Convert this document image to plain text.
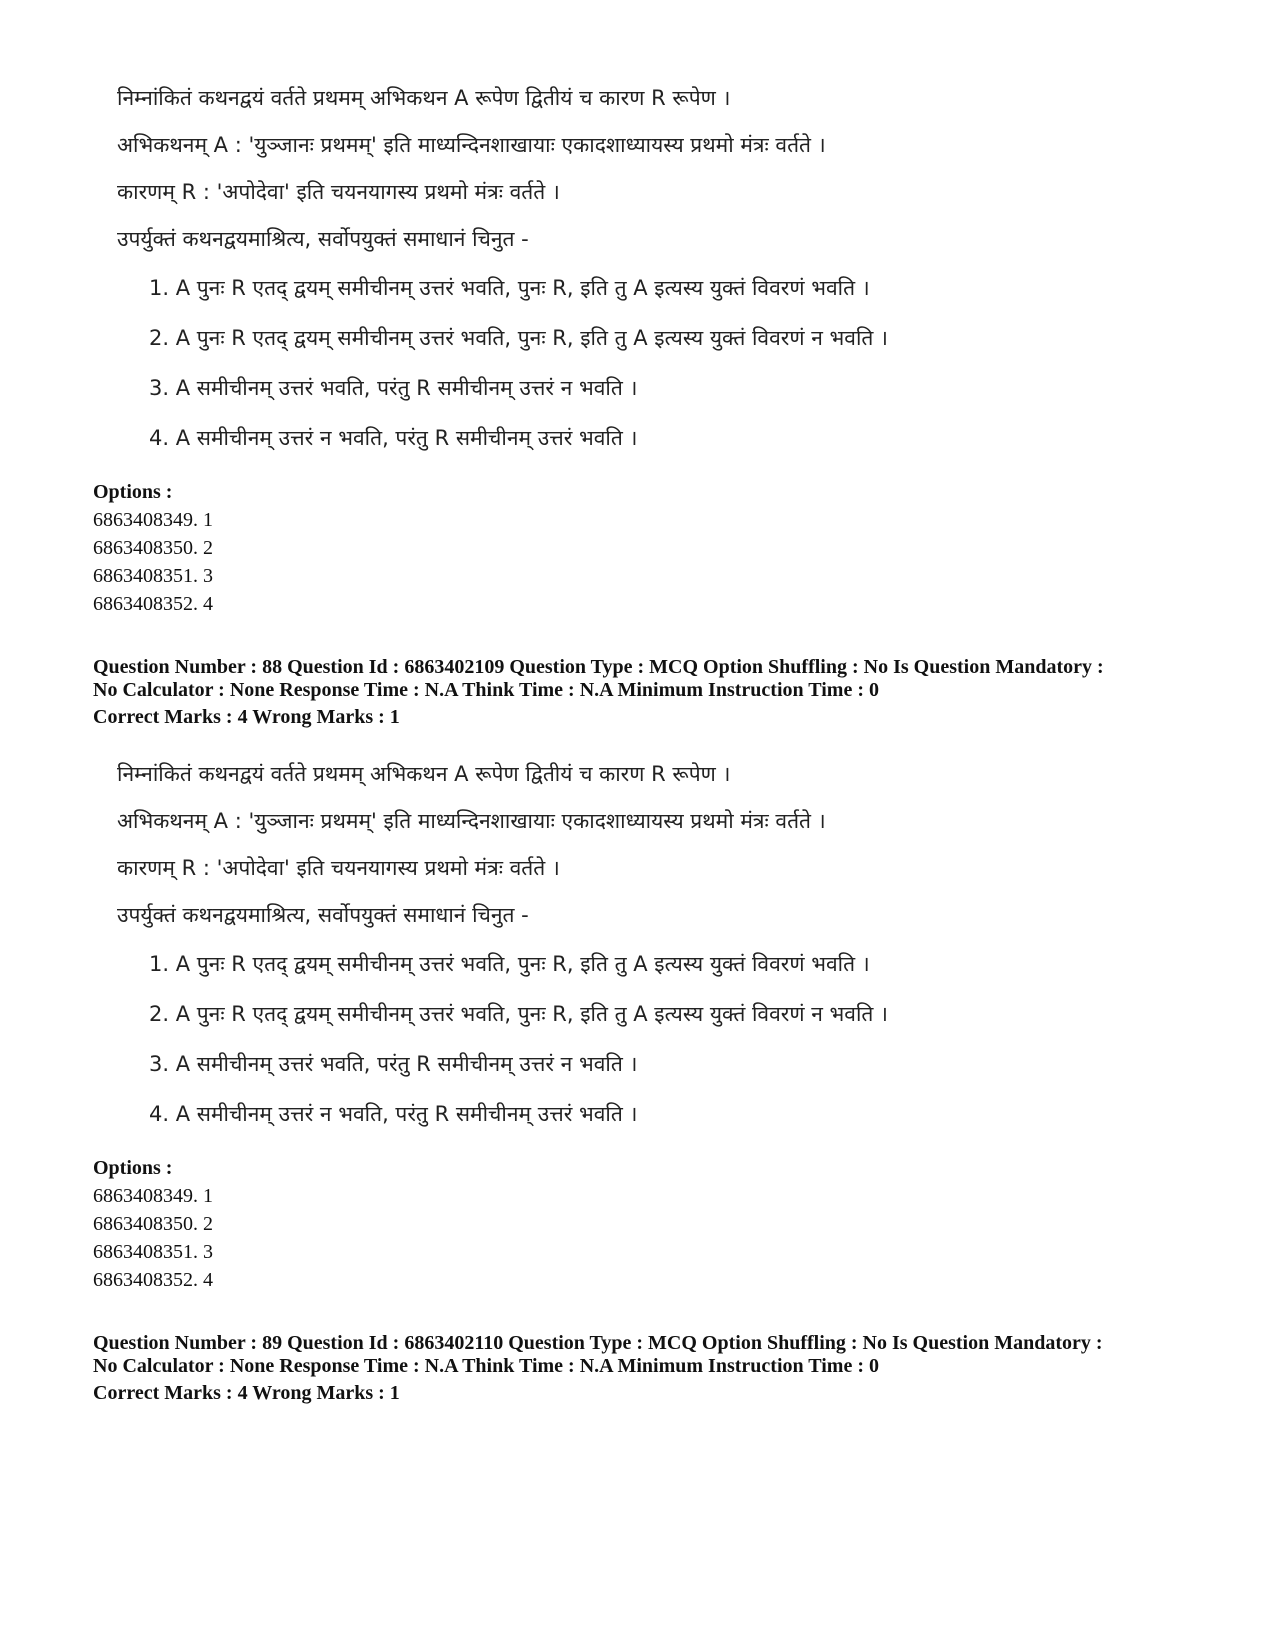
निम्नांकितं कथनद्वयं वर्तते प्रथमम् अभिकथन A रूपेण द्वितीयं च कारण R रूपेण ।
अभिकथनम् A : 'युञ्जानः प्रथमम्' इति माध्यन्दिनशाखायाः एकादशाध्यायस्य प्रथमो मंत्रः वर्तते ।
कारणम् R : 'अपोदेवा' इति चयनयागस्य प्रथमो मंत्रः वर्तते ।
उपर्युक्तं कथनद्वयमाश्रित्य, सर्वोपयुक्तं समाधानं चिनुत -
1. A पुनः R एतद् द्वयम् समीचीनम् उत्तरं भवति, पुनः R, इति तु A इत्यस्य युक्तं विवरणं भवति ।
2. A पुनः R एतद् द्वयम् समीचीनम् उत्तरं भवति, पुनः R, इति तु A इत्यस्य युक्तं विवरणं न भवति ।
3. A समीचीनम् उत्तरं भवति, परंतु R समीचीनम् उत्तरं न भवति ।
4. A समीचीनम् उत्तरं न भवति, परंतु R समीचीनम् उत्तरं भवति ।
Options :
6863408349. 1
6863408350. 2
6863408351. 3
6863408352. 4
Question Number : 88 Question Id : 6863402109 Question Type : MCQ Option Shuffling : No Is Question Mandatory :
No Calculator : None Response Time : N.A Think Time : N.A Minimum Instruction Time : 0
Correct Marks : 4 Wrong Marks : 1
निम्नांकितं कथनद्वयं वर्तते प्रथमम् अभिकथन A रूपेण द्वितीयं च कारण R रूपेण ।
अभिकथनम् A : 'युञ्जानः प्रथमम्' इति माध्यन्दिनशाखायाः एकादशाध्यायस्य प्रथमो मंत्रः वर्तते ।
कारणम् R : 'अपोदेवा' इति चयनयागस्य प्रथमो मंत्रः वर्तते ।
उपर्युक्तं कथनद्वयमाश्रित्य, सर्वोपयुक्तं समाधानं चिनुत -
1. A पुनः R एतद् द्वयम् समीचीनम् उत्तरं भवति, पुनः R, इति तु A इत्यस्य युक्तं विवरणं भवति ।
2. A पुनः R एतद् द्वयम् समीचीनम् उत्तरं भवति, पुनः R, इति तु A इत्यस्य युक्तं विवरणं न भवति ।
3. A समीचीनम् उत्तरं भवति, परंतु R समीचीनम् उत्तरं न भवति ।
4. A समीचीनम् उत्तरं न भवति, परंतु R समीचीनम् उत्तरं भवति ।
Options :
6863408349. 1
6863408350. 2
6863408351. 3
6863408352. 4
Question Number : 89 Question Id : 6863402110 Question Type : MCQ Option Shuffling : No Is Question Mandatory :
No Calculator : None Response Time : N.A Think Time : N.A Minimum Instruction Time : 0
Correct Marks : 4 Wrong Marks : 1
